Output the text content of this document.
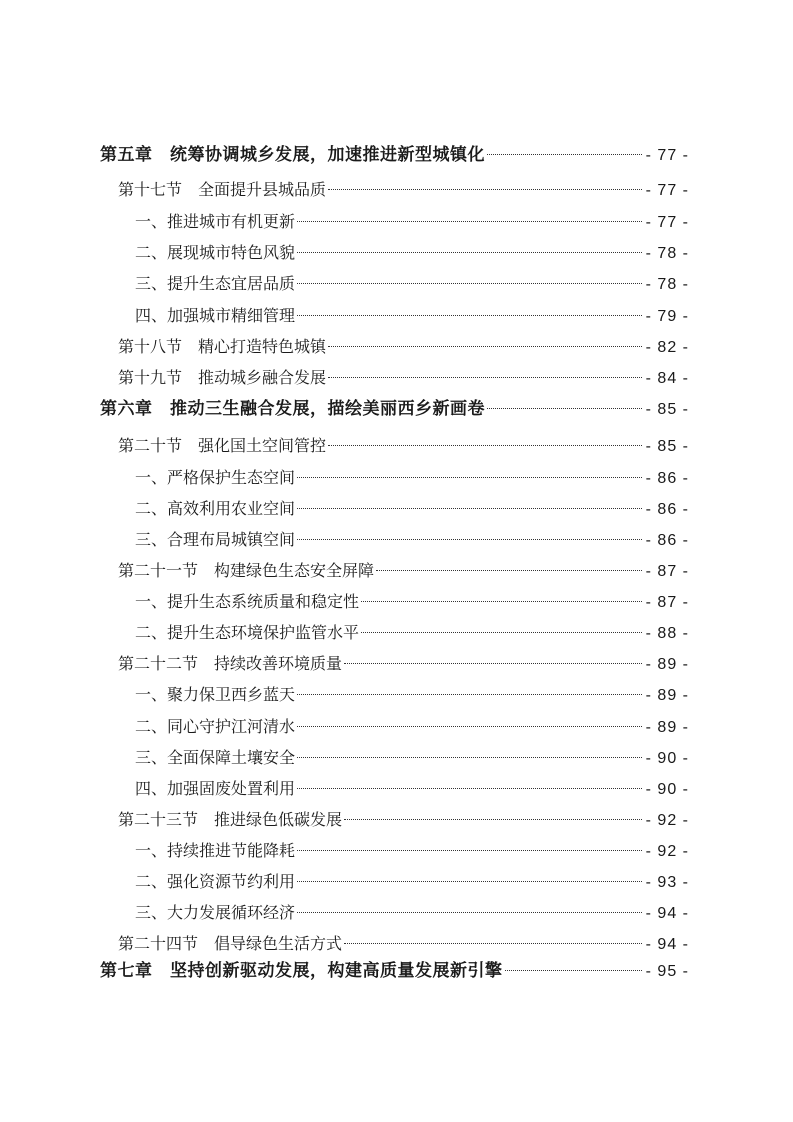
第五章　统筹协调城乡发展，加速推进新型城镇化	- 77 -
第十七节　全面提升县城品质	- 77 -
一、推进城市有机更新	- 77 -
二、展现城市特色风貌	- 78 -
三、提升生态宜居品质	- 78 -
四、加强城市精细管理	- 79 -
第十八节　精心打造特色城镇	- 82 -
第十九节　推动城乡融合发展	- 84 -
第六章　推动三生融合发展，描绘美丽西乡新画卷	- 85 -
第二十节　强化国土空间管控	- 85 -
一、严格保护生态空间	- 86 -
二、高效利用农业空间	- 86 -
三、合理布局城镇空间	- 86 -
第二十一节　构建绿色生态安全屏障	- 87 -
一、提升生态系统质量和稳定性	- 87 -
二、提升生态环境保护监管水平	- 88 -
第二十二节　持续改善环境质量	- 89 -
一、聚力保卫西乡蓝天	- 89 -
二、同心守护江河清水	- 89 -
三、全面保障土壤安全	- 90 -
四、加强固废处置利用	- 90 -
第二十三节　推进绿色低碳发展	- 92 -
一、持续推进节能降耗	- 92 -
二、强化资源节约利用	- 93 -
三、大力发展循环经济	- 94 -
第二十四节　倡导绿色生活方式	- 94 -
第七章　坚持创新驱动发展，构建高质量发展新引擎	- 95 -
